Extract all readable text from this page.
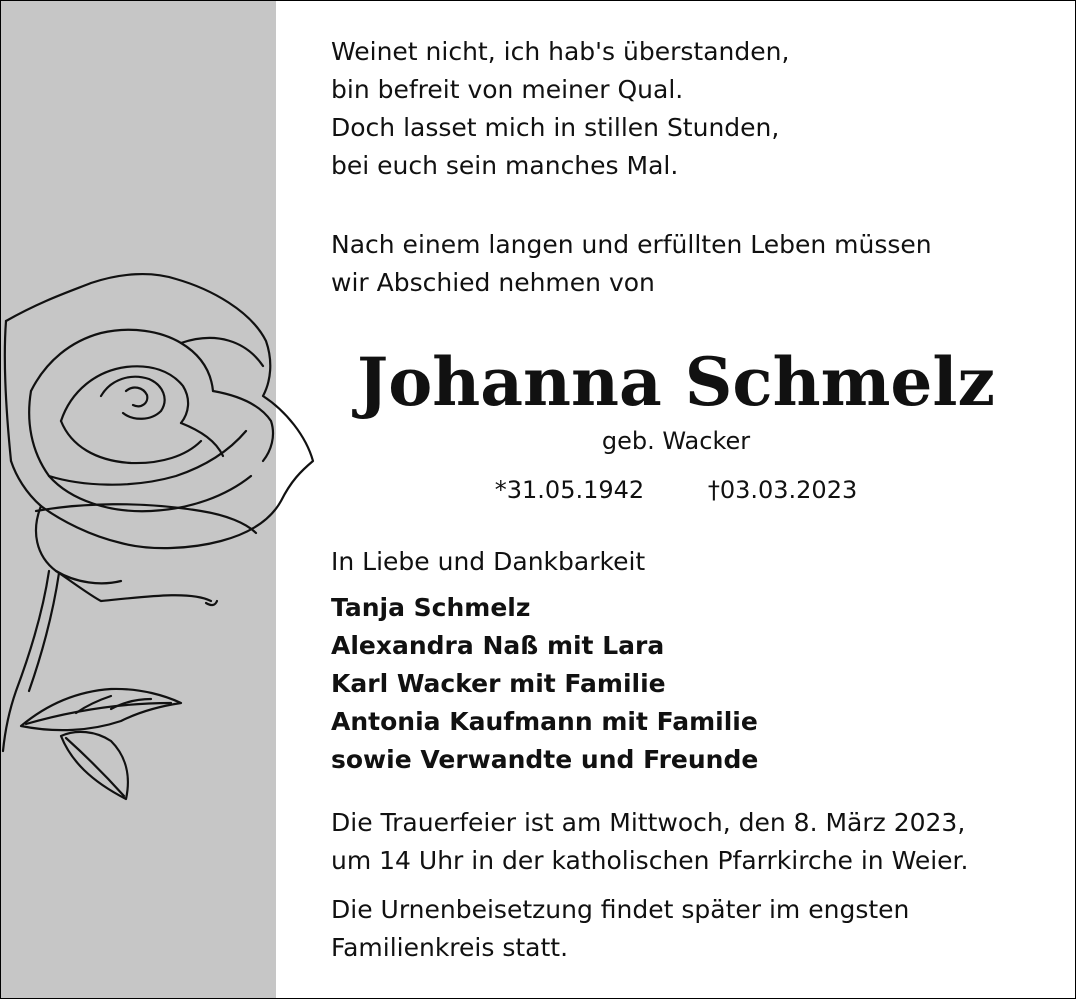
Weinet nicht, ich hab's überstanden,
bin befreit von meiner Qual.
Doch lasset mich in stillen Stunden,
bei euch sein manches Mal.
Nach einem langen und erfüllten Leben müssen
wir Abschied nehmen von
Johanna Schmelz
geb. Wacker
*31.05.1942	†03.03.2023
In Liebe und Dankbarkeit
Tanja Schmelz
Alexandra Naß mit Lara
Karl Wacker mit Familie
Antonia Kaufmann mit Familie
sowie Verwandte und Freunde
Die Trauerfeier ist am Mittwoch, den 8. März 2023,
um 14 Uhr in der katholischen Pfarrkirche in Weier.
Die Urnenbeisetzung findet später im engsten
Familienkreis statt.
